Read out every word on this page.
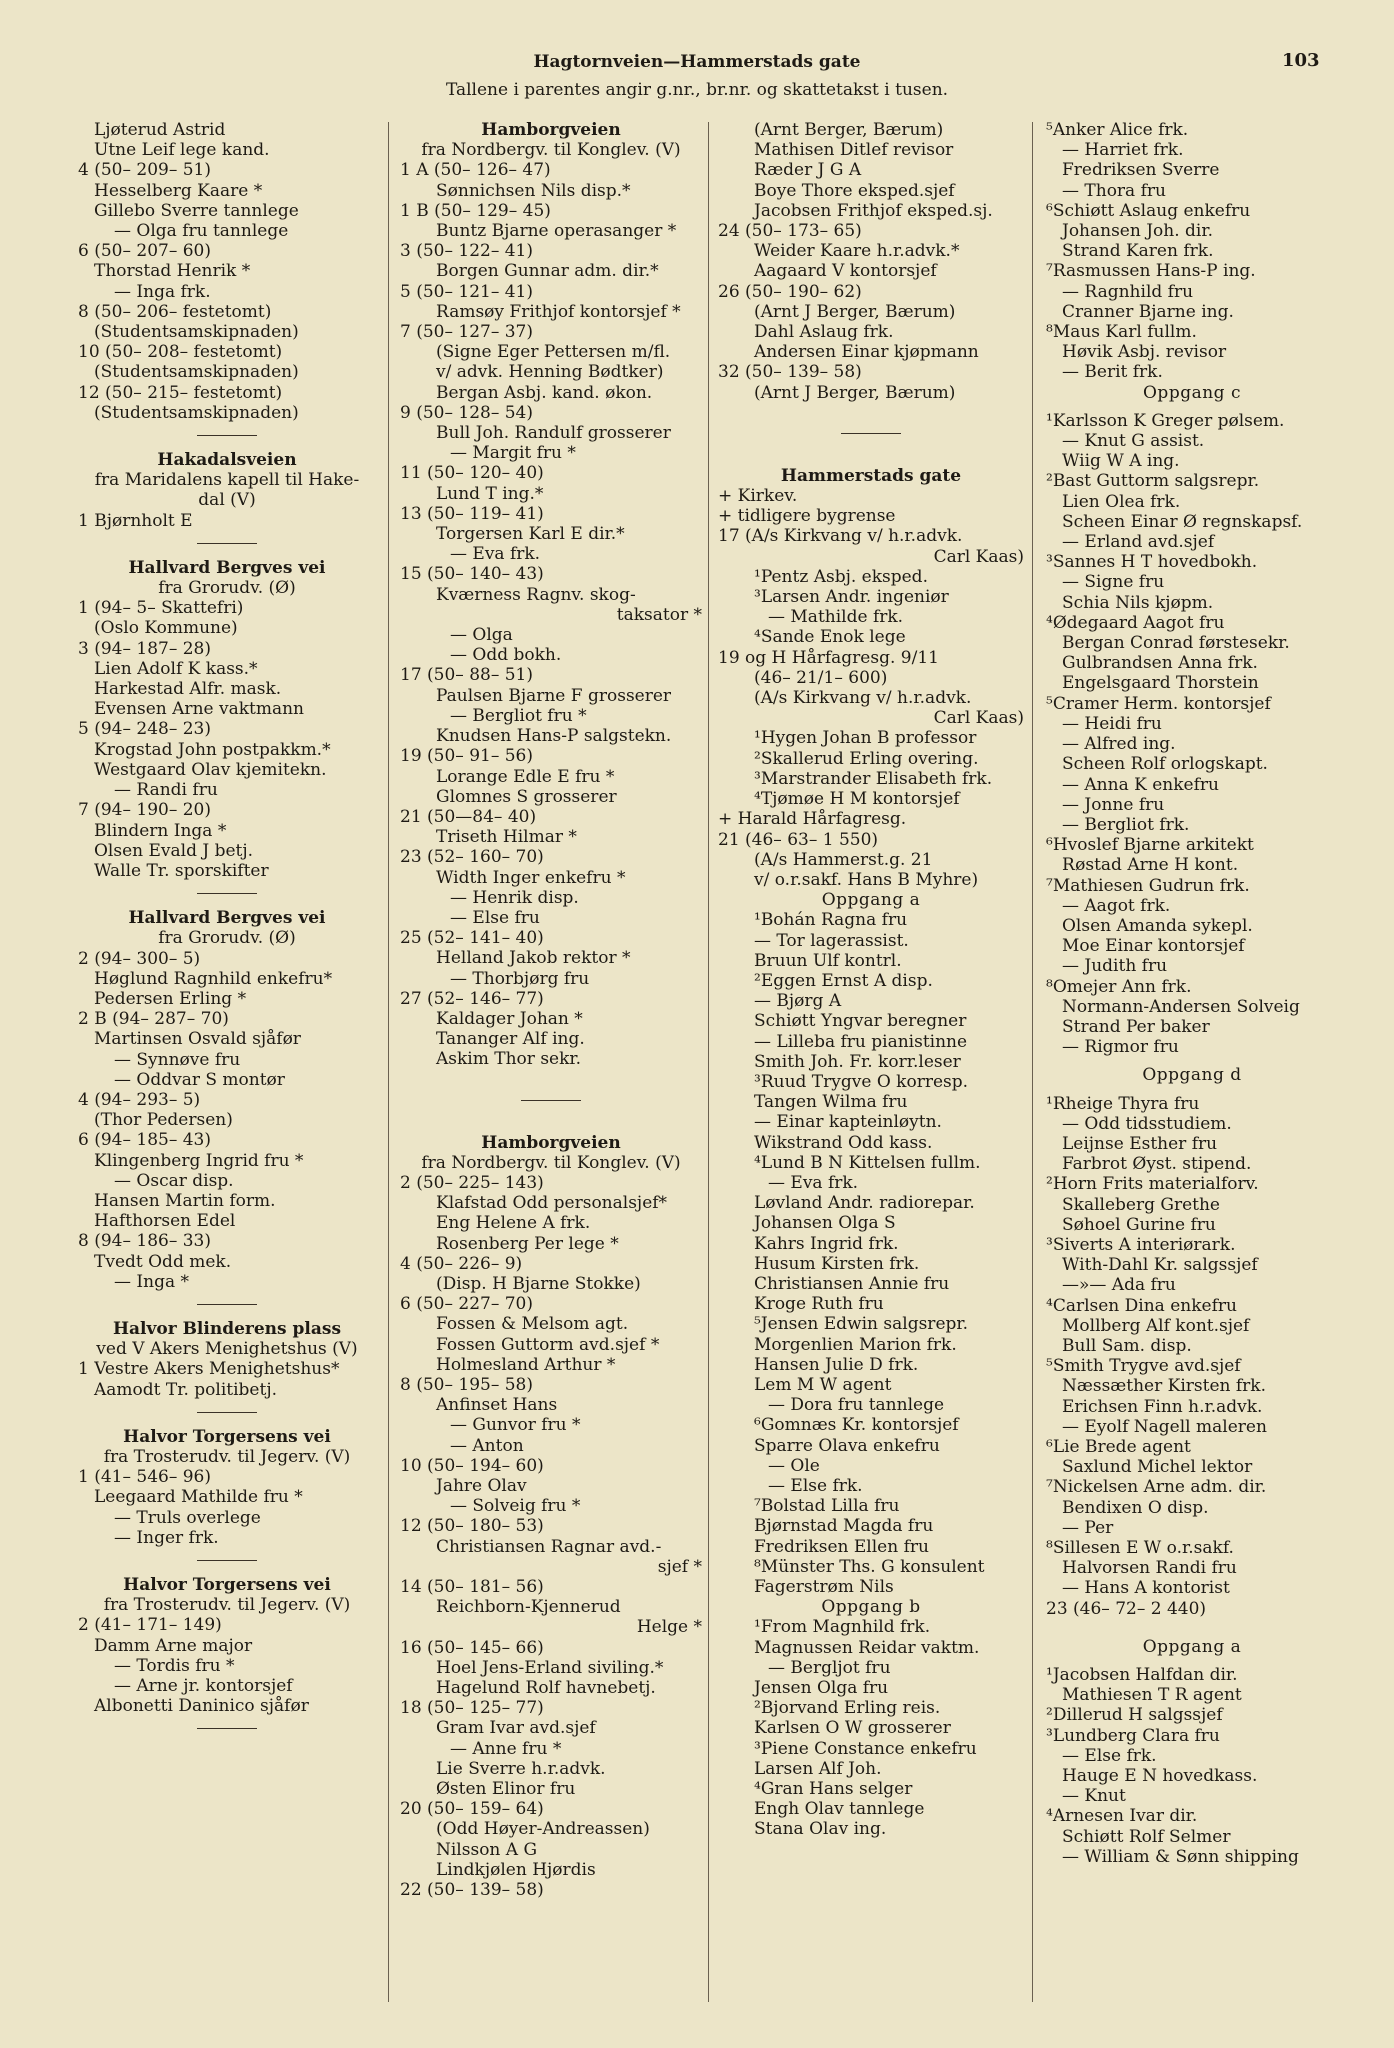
Hagtornveien—Hammerstads gate
Tallene i parentes angir g.nr., br.nr. og skattetakst i tusen.
103
Ljøterud Astrid
Utne Leif lege kand.
4 (50– 209– 51)
Hesselberg Kaare *
Gillebo Sverre tannlege
— Olga fru tannlege
6 (50– 207– 60)
Thorstad Henrik *
— Inga frk.
8 (50– 206– festetomt)
(Studentsamskipnaden)
10 (50– 208– festetomt)
(Studentsamskipnaden)
12 (50– 215– festetomt)
(Studentsamskipnaden)
Hakadalsveien
fra Maridalens kapell til Hake-
dal (V)
1 Bjørnholt E
Hallvard Bergves vei
fra Grorudv. (Ø)
1 (94– 5– Skattefri)
(Oslo Kommune)
3 (94– 187– 28)
Lien Adolf K kass.*
Harkestad Alfr. mask.
Evensen Arne vaktmann
5 (94– 248– 23)
Krogstad John postpakkm.*
Westgaard Olav kjemitekn.
— Randi fru
7 (94– 190– 20)
Blindern Inga *
Olsen Evald J betj.
Walle Tr. sporskifter
Hallvard Bergves vei
fra Grorudv. (Ø)
2 (94– 300– 5)
Høglund Ragnhild enkefru*
Pedersen Erling *
2 B (94– 287– 70)
Martinsen Osvald sjåfør
— Synnøve fru
— Oddvar S montør
4 (94– 293– 5)
(Thor Pedersen)
6 (94– 185– 43)
Klingenberg Ingrid fru *
— Oscar disp.
Hansen Martin form.
Hafthorsen Edel
8 (94– 186– 33)
Tvedt Odd mek.
— Inga *
Halvor Blinderens plass
ved V Akers Menighetshus (V)
1 Vestre Akers Menighetshus*
Aamodt Tr. politibetj.
Halvor Torgersens vei
fra Trosterudv. til Jegerv. (V)
1 (41– 546– 96)
Leegaard Mathilde fru *
— Truls overlege
— Inger frk.
Halvor Torgersens vei
fra Trosterudv. til Jegerv. (V)
2 (41– 171– 149)
Damm Arne major
— Tordis fru *
— Arne jr. kontorsjef
Albonetti Daninico sjåfør
Hamborgveien
fra Nordbergv. til Konglev. (V)
1 A (50– 126– 47)
Sønnichsen Nils disp.*
1 B (50– 129– 45)
Buntz Bjarne operasanger *
3 (50– 122– 41)
Borgen Gunnar adm. dir.*
5 (50– 121– 41)
Ramsøy Frithjof kontorsjef *
7 (50– 127– 37)
(Signe Eger Pettersen m/fl.
v/ advk. Henning Bødtker)
Bergan Asbj. kand. økon.
9 (50– 128– 54)
Bull Joh. Randulf grosserer
— Margit fru *
11 (50– 120– 40)
Lund T ing.*
13 (50– 119– 41)
Torgersen Karl E dir.*
— Eva frk.
15 (50– 140– 43)
Kværness Ragnv. skog-
taksator *
— Olga
— Odd bokh.
17 (50– 88– 51)
Paulsen Bjarne F grosserer
— Bergliot fru *
Knudsen Hans-P salgstekn.
19 (50– 91– 56)
Lorange Edle E fru *
Glomnes S grosserer
21 (50—84– 40)
Triseth Hilmar *
23 (52– 160– 70)
Width Inger enkefru *
— Henrik disp.
— Else fru
25 (52– 141– 40)
Helland Jakob rektor *
— Thorbjørg fru
27 (52– 146– 77)
Kaldager Johan *
Tananger Alf ing.
Askim Thor sekr.
Hamborgveien
fra Nordbergv. til Konglev. (V)
2 (50– 225– 143)
Klafstad Odd personalsjef*
Eng Helene A frk.
Rosenberg Per lege *
4 (50– 226– 9)
(Disp. H Bjarne Stokke)
6 (50– 227– 70)
Fossen & Melsom agt.
Fossen Guttorm avd.sjef *
Holmesland Arthur *
8 (50– 195– 58)
Anfinset Hans
— Gunvor fru *
— Anton
10 (50– 194– 60)
Jahre Olav
— Solveig fru *
12 (50– 180– 53)
Christiansen Ragnar avd.-
sjef *
14 (50– 181– 56)
Reichborn-Kjennerud
Helge *
16 (50– 145– 66)
Hoel Jens-Erland siviling.*
Hagelund Rolf havnebetj.
18 (50– 125– 77)
Gram Ivar avd.sjef
— Anne fru *
Lie Sverre h.r.advk.
Østen Elinor fru
20 (50– 159– 64)
(Odd Høyer-Andreassen)
Nilsson A G
Lindkjølen Hjørdis
22 (50– 139– 58)
(Arnt Berger, Bærum)
Mathisen Ditlef revisor
Ræder J G A
Boye Thore eksped.sjef
Jacobsen Frithjof eksped.sj.
24 (50– 173– 65)
Weider Kaare h.r.advk.*
Aagaard V kontorsjef
26 (50– 190– 62)
(Arnt J Berger, Bærum)
Dahl Aslaug frk.
Andersen Einar kjøpmann
32 (50– 139– 58)
(Arnt J Berger, Bærum)
Hammerstads gate
+ Kirkev.
+ tidligere bygrense
17 (A/s Kirkvang v/ h.r.advk.
Carl Kaas)
¹Pentz Asbj. eksped.
³Larsen Andr. ingeniør
— Mathilde frk.
⁴Sande Enok lege
19 og H Hårfagresg. 9/11
(46– 21/1– 600)
(A/s Kirkvang v/ h.r.advk.
Carl Kaas)
¹Hygen Johan B professor
²Skallerud Erling overing.
³Marstrander Elisabeth frk.
⁴Tjømøe H M kontorsjef
+ Harald Hårfagresg.
21 (46– 63– 1 550)
(A/s Hammerst.g. 21
v/ o.r.sakf. Hans B Myhre)
Oppgang a
¹Bohán Ragna fru
— Tor lagerassist.
Bruun Ulf kontrl.
²Eggen Ernst A disp.
— Bjørg A
Schiøtt Yngvar beregner
— Lilleba fru pianistinne
Smith Joh. Fr. korr.leser
³Ruud Trygve O korresp.
Tangen Wilma fru
— Einar kapteinløytn.
Wikstrand Odd kass.
⁴Lund B N Kittelsen fullm.
— Eva frk.
Løvland Andr. radiorepar.
Johansen Olga S
Kahrs Ingrid frk.
Husum Kirsten frk.
Christiansen Annie fru
Kroge Ruth fru
⁵Jensen Edwin salgsrepr.
Morgenlien Marion frk.
Hansen Julie D frk.
Lem M W agent
— Dora fru tannlege
⁶Gomnæs Kr. kontorsjef
Sparre Olava enkefru
— Ole
— Else frk.
⁷Bolstad Lilla fru
Bjørnstad Magda fru
Fredriksen Ellen fru
⁸Münster Ths. G konsulent
Fagerstrøm Nils
Oppgang b
¹From Magnhild frk.
Magnussen Reidar vaktm.
— Bergljot fru
Jensen Olga fru
²Bjorvand Erling reis.
Karlsen O W grosserer
³Piene Constance enkefru
Larsen Alf Joh.
⁴Gran Hans selger
Engh Olav tannlege
Stana Olav ing.
⁵Anker Alice frk.
— Harriet frk.
Fredriksen Sverre
— Thora fru
⁶Schiøtt Aslaug enkefru
Johansen Joh. dir.
Strand Karen frk.
⁷Rasmussen Hans-P ing.
— Ragnhild fru
Cranner Bjarne ing.
⁸Maus Karl fullm.
Høvik Asbj. revisor
— Berit frk.
Oppgang c
¹Karlsson K Greger pølsem.
— Knut G assist.
Wiig W A ing.
²Bast Guttorm salgsrepr.
Lien Olea frk.
Scheen Einar Ø regnskapsf.
— Erland avd.sjef
³Sannes H T hovedbokh.
— Signe fru
Schia Nils kjøpm.
⁴Ødegaard Aagot fru
Bergan Conrad førstesekr.
Gulbrandsen Anna frk.
Engelsgaard Thorstein
⁵Cramer Herm. kontorsjef
— Heidi fru
— Alfred ing.
Scheen Rolf orlogskapt.
— Anna K enkefru
— Jonne fru
— Bergliot frk.
⁶Hvoslef Bjarne arkitekt
Røstad Arne H kont.
⁷Mathiesen Gudrun frk.
— Aagot frk.
Olsen Amanda sykepl.
Moe Einar kontorsjef
— Judith fru
⁸Omejer Ann frk.
Normann-Andersen Solveig
Strand Per baker
— Rigmor fru
Oppgang d
¹Rheige Thyra fru
— Odd tidsstudiem.
Leijnse Esther fru
Farbrot Øyst. stipend.
²Horn Frits materialforv.
Skalleberg Grethe
Søhoel Gurine fru
³Siverts A interiørark.
With-Dahl Kr. salgssjef
—»— Ada fru
⁴Carlsen Dina enkefru
Mollberg Alf kont.sjef
Bull Sam. disp.
⁵Smith Trygve avd.sjef
Næssæther Kirsten frk.
Erichsen Finn h.r.advk.
— Eyolf Nagell maleren
⁶Lie Brede agent
Saxlund Michel lektor
⁷Nickelsen Arne adm. dir.
Bendixen O disp.
— Per
⁸Sillesen E W o.r.sakf.
Halvorsen Randi fru
— Hans A kontorist
23 (46– 72– 2 440)
Oppgang a
¹Jacobsen Halfdan dir.
Mathiesen T R agent
²Dillerud H salgssjef
³Lundberg Clara fru
— Else frk.
Hauge E N hovedkass.
— Knut
⁴Arnesen Ivar dir.
Schiøtt Rolf Selmer
— William & Sønn shipping
